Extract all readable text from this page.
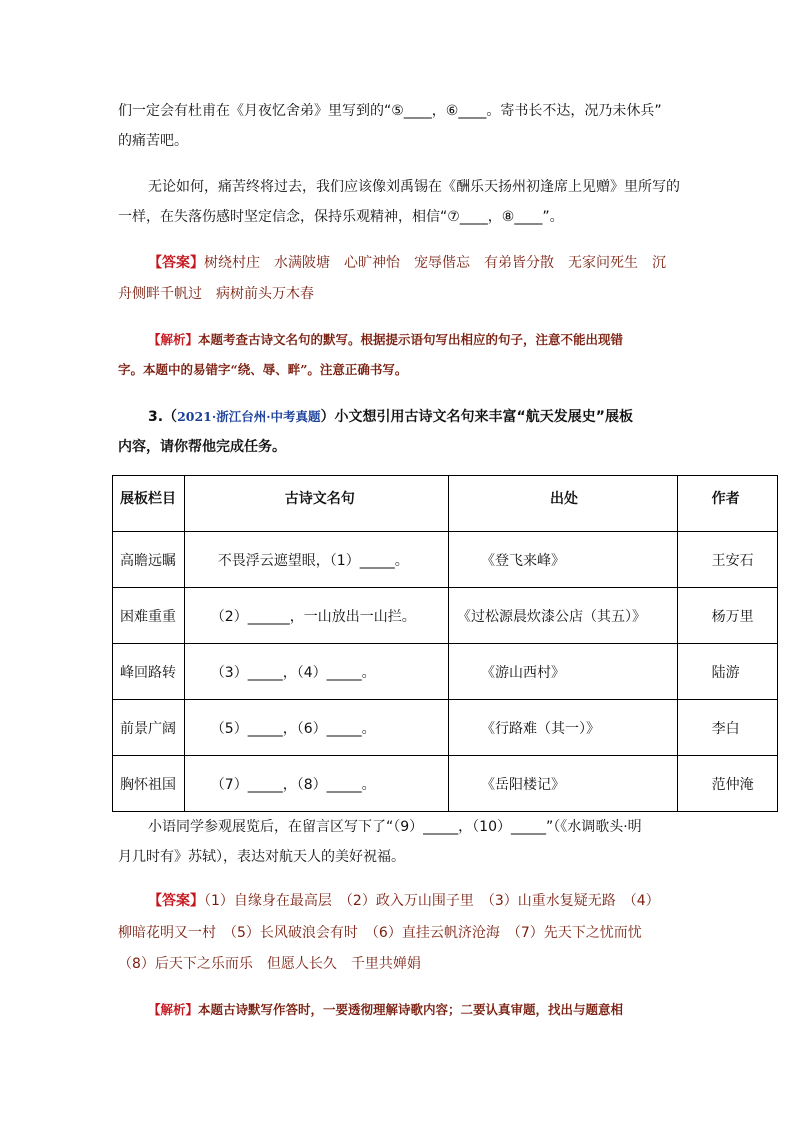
们一定会有杜甫在《月夜忆舍弟》里写到的“⑤____，⑥____。寄书长不达，况乃未休兵”
的痛苦吧。
无论如何，痛苦终将过去，我们应该像刘禹锡在《酬乐天扬州初逢席上见赠》里所写的
一样，在失落伤感时坚定信念，保持乐观精神，相信“⑦____，⑧____”。
【答案】树绕村庄　水满陂塘　心旷神怡　宠辱偕忘　有弟皆分散　无家问死生　沉
舟侧畔千帆过　病树前头万木春
【解析】本题考查古诗文名句的默写。根据提示语句写出相应的句子，注意不能出现错
字。本题中的易错字“绕、辱、畔”。注意正确书写。
3.（2021·浙江台州·中考真题）小文想引用古诗文名句来丰富“航天发展史”展板
内容，请你帮他完成任务。
展板栏目	古诗文名句	出处	作者
高瞻远瞩	不畏浮云遮望眼，（1）_____。	《登飞来峰》	王安石
困难重重	（2）______，一山放出一山拦。	《过松源晨炊漆公店（其五）》	杨万里
峰回路转	（3）_____，（4）_____。	《游山西村》	陆游
前景广阔	（5）_____，（6）_____。	《行路难（其一）》	李白
胸怀祖国	（7）_____，（8）_____。	《岳阳楼记》	范仲淹
小语同学参观展览后，在留言区写下了“（9）_____，（10）_____”（《水调歌头·明
月几时有》苏轼），表达对航天人的美好祝福。
【答案】（1）自缘身在最高层　（2）政入万山围子里　（3）山重水复疑无路　（4）
柳暗花明又一村　（5）长风破浪会有时　（6）直挂云帆济沧海　（7）先天下之忧而忧
（8）后天下之乐而乐　但愿人长久　千里共婵娟
【解析】本题古诗默写作答时，一要透彻理解诗歌内容；二要认真审题，找出与题意相
